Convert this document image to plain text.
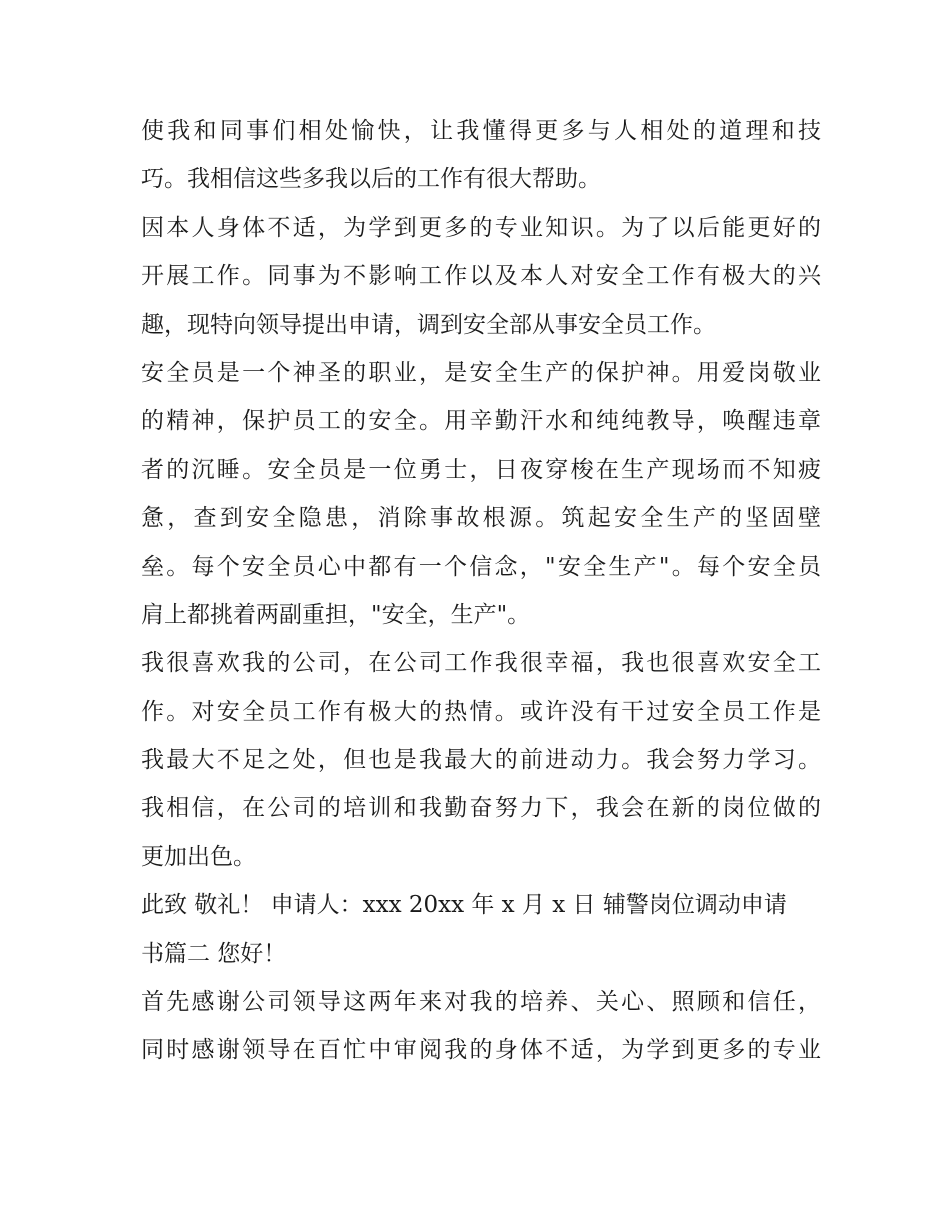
使我和同事们相处愉快，让我懂得更多与人相处的道理和技
巧。我相信这些多我以后的工作有很大帮助。
因本人身体不适，为学到更多的专业知识。为了以后能更好的
开展工作。同事为不影响工作以及本人对安全工作有极大的兴
趣，现特向领导提出申请，调到安全部从事安全员工作。
安全员是一个神圣的职业，是安全生产的保护神。用爱岗敬业
的精神，保护员工的安全。用辛勤汗水和纯纯教导，唤醒违章
者的沉睡。安全员是一位勇士，日夜穿梭在生产现场而不知疲
惫，查到安全隐患，消除事故根源。筑起安全生产的坚固壁
垒。每个安全员心中都有一个信念，"安全生产"。每个安全员
肩上都挑着两副重担，"安全，生产"。
我很喜欢我的公司，在公司工作我很幸福，我也很喜欢安全工
作。对安全员工作有极大的热情。或许没有干过安全员工作是
我最大不足之处，但也是我最大的前进动力。我会努力学习。
我相信，在公司的培训和我勤奋努力下，我会在新的岗位做的
更加出色。
此致 敬礼！ 申请人：xxx 20xx 年 x 月 x 日 辅警岗位调动申请
书篇二 您好！
首先感谢公司领导这两年来对我的培养、关心、照顾和信任，
同时感谢领导在百忙中审阅我的身体不适，为学到更多的专业
